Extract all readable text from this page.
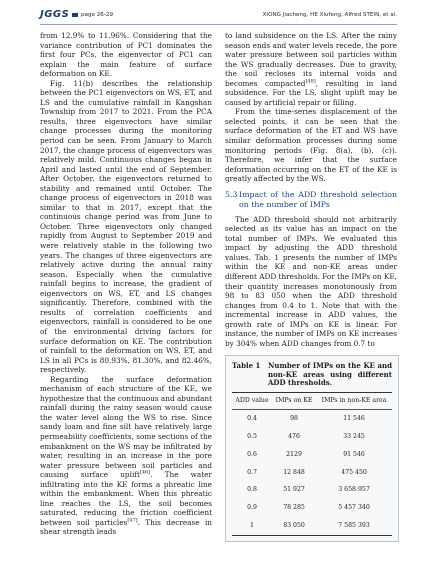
JGGS	page 26-29	XIONG Jiacheng, HE Xiufeng, Alfred STEIN, et al.

from 12.9% to 11.96%. Considering that the variance contribution of PC1 dominates the first four PCs, the eigenvector of PC1 can explain the main feature of surface deformation on KE.

Fig. 11(b) describes the relationship between the PC1 eigenvectors on WS, ET, and LS and the cumulative rainfall in Kangshan Township from 2017 to 2021. From the PCA results, three eigenvectors have similar change processes during the monitoring period can be seen. From January to March 2017, the change process of eigenvectors was relatively mild. Continuous changes began in April and lasted until the end of September. After October, the eigenvectors returned to stability and remained until October. The change process of eigenvectors in 2018 was similar to that in 2017, except that the continuous change period was from June to October. Three eigenvectors only changed rapidly from August to September 2019 and were relatively stable in the following two years. The changes of three eigenvectors are relatively active during the annual rainy season. Especially when the cumulative rainfall begins to increase, the gradient of eigenvectors on WS, ET, and LS changes significantly. Therefore, combined with the results of correlation coefficients and eigenvectors, rainfall is considered to be one of the environmental driving factors for surface deformation on KE. The contribution of rainfall to the deformation on WS, ET, and LS in all PCs is 80.93%, 81.30%, and 82.46%, respectively.

Regarding the surface deformation mechanism of each structure of the KE, we hypothesize that the continuous and abundant rainfall during the rainy season would cause the water level along the WS to rise. Since sandy loam and fine silt have relatively large permeability coefficients, some sections of the embankment on the WS may be infiltrated by water, resulting in an increase in the pore water pressure between soil particles and causing surface uplift[46]. The water infiltrating into the KE forms a phreatic line within the embankment. When this phreatic line reaches the LS, the soil becomes saturated, reducing the friction coefficient between soil particles[47]. This decrease in shear strength leads

to land subsidence on the LS. After the rainy season ends and water levels recede, the pore water pressure between soil particles within the WS gradually decreases. Due to gravity, the soil recloses its internal voids and becomes compacted[48], resulting in land subsidence. For the LS, slight uplift may be caused by artificial repair or filling.

From the time-series displacement of the selected points, it can be seen that the surface deformation of the ET and WS have similar deformation processes during some monitoring periods (Fig. 8(a), (b), (c)). Therefore, we infer that the surface deformation occurring on the ET of the KE is greatly affected by the WS.

5.3 Impact of the ADD threshold selection on the number of IMPs

The ADD threshold should not arbitrarily selected as its value has an impact on the total number of IMPs. We evaluated this impact by adjusting the ADD threshold values. Tab. 1 presents the number of IMPs within the KE and non-KE areas under different ADD thresholds. For the IMPs on KE, their quantity increases monotonously from 98 to 83 050 when the ADD threshold changes from 0.4 to 1. Note that with the incremental increase in ADD values, the growth rate of IMPs on KE is linear. For instance, the number of IMPs on KE increases by 304% when ADD changes from 0.7 to

Table 1	Number of IMPs on the KE and non-KE areas using different ADD thresholds.
ADD value	IMPs on KE	IMPs in non-KE area
0.4	98	11 546
0.5	476	33 245
0.6	2129	91 546
0.7	12 848	475 450
0.8	51 927	3 658 957
0.9	78 285	5 457 340
1	83 050	7 585 393
